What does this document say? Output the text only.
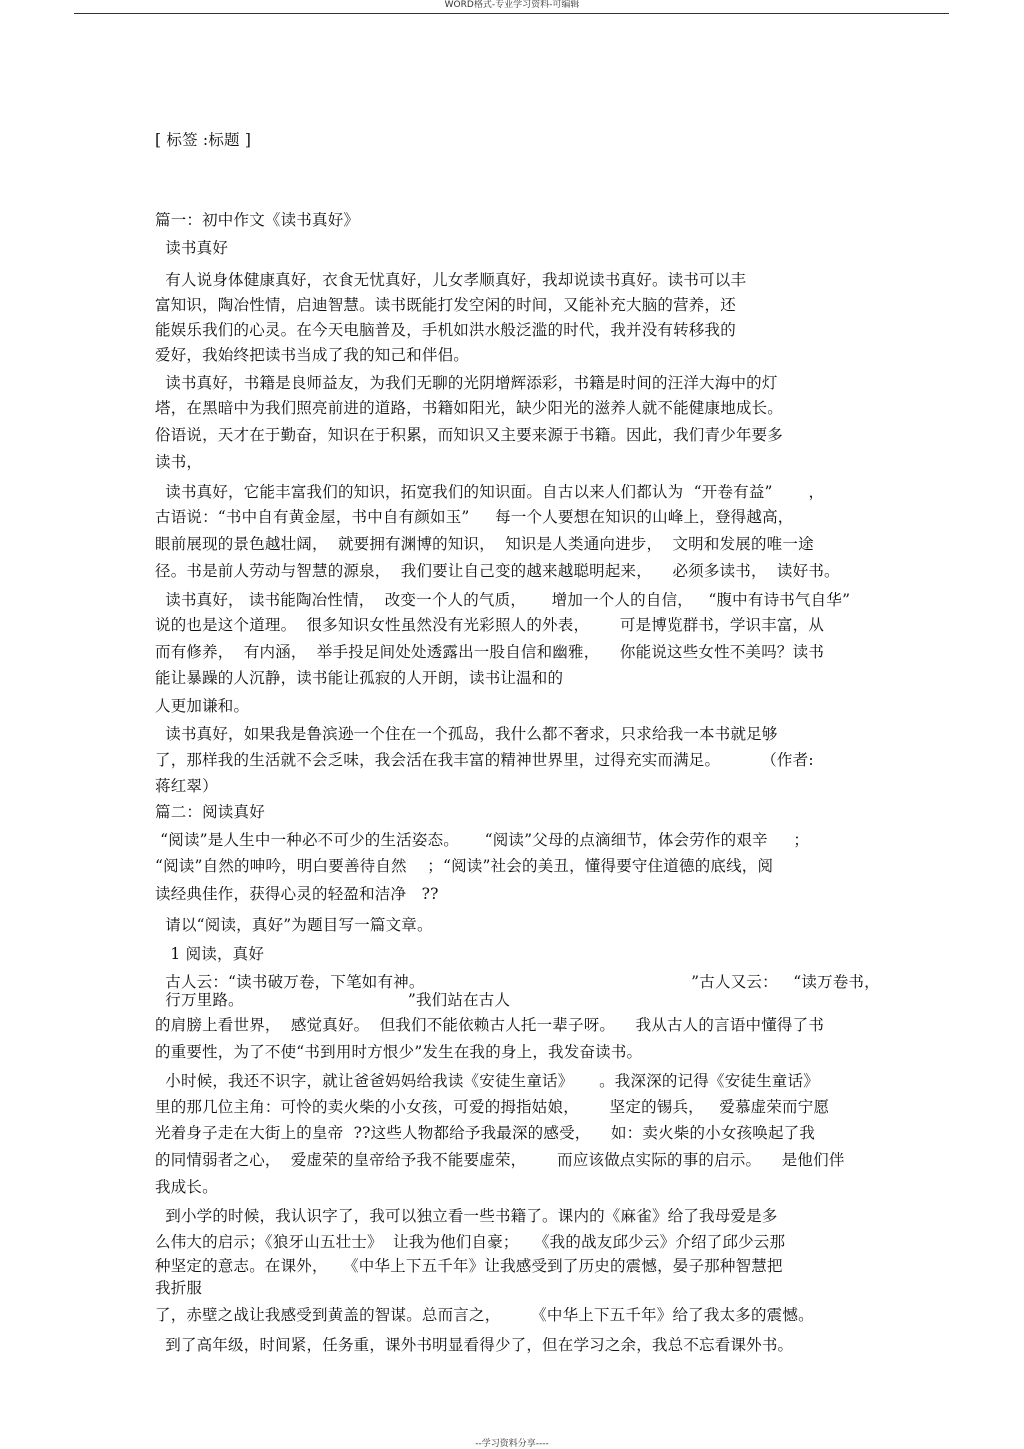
WORD格式-专业学习资料-可编辑
[ 标签 :标题 ]
篇一：初中作文《读书真好》
读书真好
有人说身体健康真好，衣食无忧真好，儿女孝顺真好，我却说读书真好。读书可以丰
富知识，陶冶性情，启迪智慧。读书既能打发空闲的时间，又能补充大脑的营养，还
能娱乐我们的心灵。在今天电脑普及，手机如洪水般泛滥的时代，我并没有转移我的
爱好，我始终把读书当成了我的知己和伴侣。
读书真好，书籍是良师益友，为我们无聊的光阴增辉添彩，书籍是时间的汪洋大海中的灯
塔，在黑暗中为我们照亮前进的道路，书籍如阳光，缺少阳光的滋养人就不能健康地成长。
俗语说，天才在于勤奋，知识在于积累，而知识又主要来源于书籍。因此，我们青少年要多
读书，
读书真好，它能丰富我们的知识，拓宽我们的知识面。自古以来人们都认为  “开卷有益”       ，
古语说：“书中自有黄金屋，书中自有颜如玉”     每一个人要想在知识的山峰上，登得越高，
眼前展现的景色越壮阔，  就要拥有渊博的知识，  知识是人类通向进步，  文明和发展的唯一途
径。书是前人劳动与智慧的源泉，  我们要让自己变的越来越聪明起来，    必须多读书，  读好书。
读书真好， 读书能陶冶性情，  改变一个人的气质，     增加一个人的自信，   “腹中有诗书气自华”
说的也是这个道理。  很多知识女性虽然没有光彩照人的外表，      可是博览群书，学识丰富，从
而有修养，  有内涵，  举手投足间处处透露出一股自信和幽雅，    你能说这些女性不美吗？读书
能让暴躁的人沉静，读书能让孤寂的人开朗，读书让温和的
人更加谦和。
读书真好，如果我是鲁滨逊一个住在一个孤岛，我什么都不奢求，只求给我一本书就足够
了，那样我的生活就不会乏味，我会活在我丰富的精神世界里，过得充实而满足。        （作者:
蒋红翠）
篇二：阅读真好
“阅读”是人生中一种必不可少的生活姿态。     “阅读”父母的点滴细节，体会劳作的艰辛     ；
“阅读”自然的呻吟，明白要善待自然    ；“阅读”社会的美丑，懂得要守住道德的底线，阅
读经典佳作，获得心灵的轻盈和洁净   ??
请以“阅读，真好”为题目写一篇文章。
1 阅读，真好
古人云：“读书破万卷，下笔如有神。                                                    ”古人又云：   “读万卷书，
行万里路。                                ”我们站在古人
的肩膀上看世界，  感觉真好。  但我们不能依赖古人托一辈子呀。    我从古人的言语中懂得了书
的重要性，为了不使“书到用时方恨少”发生在我的身上，我发奋读书。
小时候，我还不识字，就让爸爸妈妈给我读《安徒生童话》     。我深深的记得《安徒生童话》
里的那几位主角：可怜的卖火柴的小女孩，可爱的拇指姑娘，      坚定的锡兵，   爱慕虚荣而宁愿
光着身子走在大街上的皇帝  ??这些人物都给予我最深的感受，    如：卖火柴的小女孩唤起了我
的同情弱者之心，  爱虚荣的皇帝给予我不能要虚荣，      而应该做点实际的事的启示。    是他们伴
我成长。
到小学的时候，我认识字了，我可以独立看一些书籍了。课内的《麻雀》给了我母爱是多
么伟大的启示；《狼牙山五壮士》  让我为他们自豪；   《我的战友邱少云》介绍了邱少云那
种坚定的意志。在课外，   《中华上下五千年》让我感受到了历史的震憾，晏子那种智慧把
我折服
了，赤壁之战让我感受到黄盖的智谋。总而言之，      《中华上下五千年》给了我太多的震憾。
到了高年级，时间紧，任务重，课外书明显看得少了，但在学习之余，我总不忘看课外书。
--学习资料分享----
